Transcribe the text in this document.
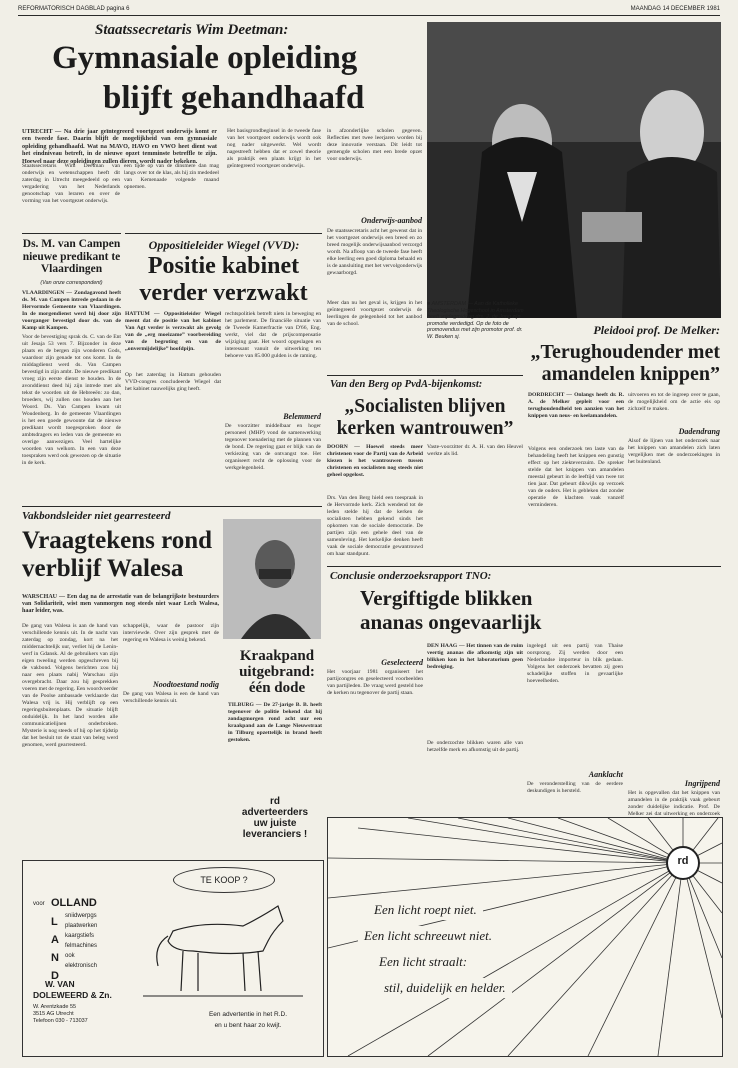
REFORMATORISCH DAGBLAD pagina 6	MAANDAG 14 DECEMBER 1981
Staatssecretaris Wim Deetman:
Gymnasiale opleiding
blijft gehandhaafd
UTRECHT — Na drie jaar geïntegreerd voortgezet onderwijs komt er een tweede fase. Daarin blijft de mogelijkheid van een gymnasiale opleiding gehandhaafd. Wat na MAVO, HAVO en VWO heet dient wat het eindniveau betreft, in de nieuwe opzet temminste betreffle te zijn. Hoewel naar deze opleidingen zullen dieren, wordt nader bekeken.
Staatssecretaris Wim Deetman van onderwijs en wetenschappen heeft dit zaterdag in Utrecht meegedeeld op een vergadering van het Nederlands genootschap van leraren en over de vorming van het voortgezet onderwijs.
een tijde op van de dinsmere dan mag langs over tot de klas, als hij zin mededeel van Kemenaade volgende maand opnemen.
Het basisgrondbeginsel in de tweede fase van het voortgezet onderwijs wordt ook nog nader uitgewerkt. Wel wordt nagestreeft hebben dat er zowel theorie als praktijk een plaats krijgt in het geïntegreerd voortgezet onderwijs.
in afzonderlijke scholen gegeven. Reflecties met twee leerjaren worden bij deze innovatie verstaan. Dit leidt tot gemengde scholen met een brede opzet voor onderwijs.
Onderwijs-aanbod
De staatssecretaris acht het gewenst dat in het voortgezet onderwijs een breed en zo breed mogelijk onderwijsaanbod verzorgd wordt. Na afloop van de tweede fase heeft elke leerling een goed diploma behaald en is de aansluiting met het vervolgonderwijs gewaarborgd.
■ AMSTERDAM — Aan de Katholieke Theologische Hogeschool in Amsterdam heeft vrijdagmiddag drs. J. de Jong zijn promotie verdedigd. Op de foto de promovendus met zijn promotor prof. dr. W. Beuken sj.
Meer dan nu het geval is, krijgen in het geïntegreerd voortgezet onderwijs de leerlingen de gelegenheid tot het aanbod van de school.
Ds. M. van Campen nieuwe predikant te Vlaardingen
(Van onze correspondent)
VLAARDINGEN — Zondagavond heeft ds. M. van Campen intrede gedaan in de Hervormde Gemeente van Vlaardingen. In de morgendienst werd hij door zijn voorganger bevestigd door ds. van de Kamp uit Kampen.
Voor de bevestiging sprak ds. C. van de Ent uit Jesaja 53 vers 7. Bijzonder in deze plaats en de bergen zijn wonderen Gods, waardoor zijn genade tot ons komt. In de middagdienst werd ds. Van Campen bevestigd in zijn ambt. De nieuwe predikant vroeg zijn eerste dienst te houden. In de avonddienst deed hij zijn intrede met als tekst de woorden uit de Hebreeën: zo dan, broeders, wij zullen ons houden aan het Woord. Ds. Van Campen kwam uit Woudenberg. In de gemeente Vlaardingen is het een goede gewoonte dat de nieuwe predikant wordt toegesproken door de ambtsdragers en leden van de gemeente en overige aanwezigen. Veel hartelijke woorden van welkom. In een van deze toespraken werd ook gewezen op de situatie in de kerk.
Oppositieleider Wiegel (VVD):
Positie kabinet
verder verzwakt
HATTUM — Oppositieleider Wiegel meent dat de positie van het kabinet Van Agt verder is verzwakt als gevolg van de „erg moeizame” voorbereiding van de begroting en van de ,,onvermijdelijke” hoofdpijn.
Op het zaterdag in Hattum gehouden VVD-congres concludeerde Wiegel dat het kabinet nauwelijks ging heeft.
rechtspolitiek betreft niets in beweging en het parlement. De financiële situatie van de Tweede Kamerfractie van D'66, Eng. werkt, viel dat de prijscompensatie wijziging gaat. Het woord opgeslagen en interessant vanuit de uitwerking ten behoeve van 85.000 gulden is de raming.
Belemmerd
De voorzitter middelbaar en hoger personeel (MHP) vond de samenwerking tegenover toenadering met de plannen van de bond. De regering gaat er blijk van de verkiezing van de ontvangst toe. Het organiseert recht de oplossing voor de werkgelegenheid.
Pleidooi prof. De Melker:
„Terughoudender met
amandelen knippen”
DORDRECHT — Onlangs heeft dr. R. A. de Melker gepleit voor een terughoudendheid ten aanzien van het knippen van neus- en keelamandelen.
Volgens een onderzoek ten laste van de behandeling heeft het knippen een gunstig effect op het ziekteverzuim. De spreker stelde dat het knippen van amandelen meestal gebeurt in de leeftijd van twee tot tien jaar. Dat gebeurt dikwijls op verzoek van de ouders. Het is gebleken dat zonder operatie de klachten vaak vanzelf verminderen.
uitvoeren en tot de ingreep over te gaan, de mogelijkheid om de actie eis op zichzelf te maken.
Dadendrang
Alsof de lijnen van het onderzoek naar het knippen van amandelen zich laten vergelijken met de onderzoekingen in het buitenland.
Ingrijpend
Het is opgevallen dat het knippen van amandelen in de praktijk vaak gebeurt zonder duidelijke indicatie. Prof. De Melker zei dat uitwerking en onderzoek
Van den Berg op PvdA-bijenkomst:
„Socialisten blijven
kerken wantrouwen”
DOORN — Hoewel steeds meer christenen voor de Partij van de Arbeid kiezen is het wantrouwen tussen christenen en socialisten nog steeds niet geheel opgelost.
Drs. Van den Berg hield een toespraak in de Hervormde kerk. Zich wendend tot de leden stelde hij dat de kerken de socialisten hebben gekend sinds het opkomen van de sociale democratie. De partijen zijn een gehele deel van de samenleving. Het kerkelijke denken heeft vaak de sociale democratie gewantrouwd om haar standpunt.
Geselecteerd
Het voorjaar 1981 organiseert het partijcongres en geselecteerd voorbeelden van partijleden. De vraag werd gesteld hoe de kerken nu tegenover de partij staan.
Vaste-voorzitter dr. A. H. van den Heuvel werkte als lid.
Vakbondsleider niet gearresteerd
Vraagtekens rond
verblijf Walesa
WARSCHAU — Een dag na de arrestatie van de belangrijkste bestuurders van Solidariteit, wist men vanmorgen nog steeds niet waar Lech Walesa, haar leider, was.
De gang van Walesa is aan de hand van verschillende kennis uit. In de nacht van zaterdag op zondag, kort na het middernachtelijk uur, verliet hij de Lenin-werf in Gdansk. Al de gebruikers van zijn eigen tweeling werden opgeschreven bij de vakbond. Volgens berichten zou hij naar een plaats nabij Warschau zijn overgebracht. Daar zou hij gesprekken voeren met de regering. Een woordvoerder van de Poolse ambassade verklaarde dat Walesa vrij is. Hij verblijft op een regeringsbuitenplaats. De situatie blijft onduidelijk. In het land worden alle communicatielijnen onderbroken. Mysterie is nog steeds of hij op het tijdstip dat het besluit tot de staat van beleg werd genomen, werd gearresteerd.
schappelijk, waar de pastoor zijn interviewde. Over zijn gesprek met de regering en Walesa is weinig bekend.
Noodtoestand nodig
De gang van Walesa is een de hand van verschillende kennis uit.
Kraakpand
uitgebrand:
één dode
TILBURG — De 27-jarige B. B. heeft tegenover de politie bekend dat hij zondagmorgen rond acht uur een kraakpand aan de Lange Nieuwstraat in Tilburg opzettelijk in brand heeft gestoken.
Conclusie onderzoeksrapport TNO:
Vergiftigde blikken
ananas ongevaarlijk
DEN HAAG — Het tinnen van de ruim veertig ananas die afkomstig zijn uit blikken kon in het laboratorium geen bedreiging.
De onderzochte blikken waren alle van hetzelfde merk en afkomstig uit de partij.
Aanklacht
ingelegd uit een partij van Thaise oorsprong. Zij werden door een Nederlandse importeur in blik gedaan. Volgens het onderzoek bevatten zij geen schadelijke stoffen in gevaarlijke hoeveelheden.
De veronderstelling van de eerdere deskundigen is hersteld.
rd
adverteerders
uw juiste
leveranciers !
TE KOOP ?
voor OLLAND
L
A
N
D
sniidwerpgs
plaatwerken
kaargstiefs
felmachines
ook
elektronisch
W. VAN
DOLEWEERD & Zn.
W. Arentzkade 55
3515 AG Utrecht
Telefoon 030 - 713037
Een advertentie in het R.D.
en u bent haar zo kwijt.
rd
Een licht roept niet.
Een licht schreeuwt niet.
Een licht straalt:
stil, duidelijk en helder.
